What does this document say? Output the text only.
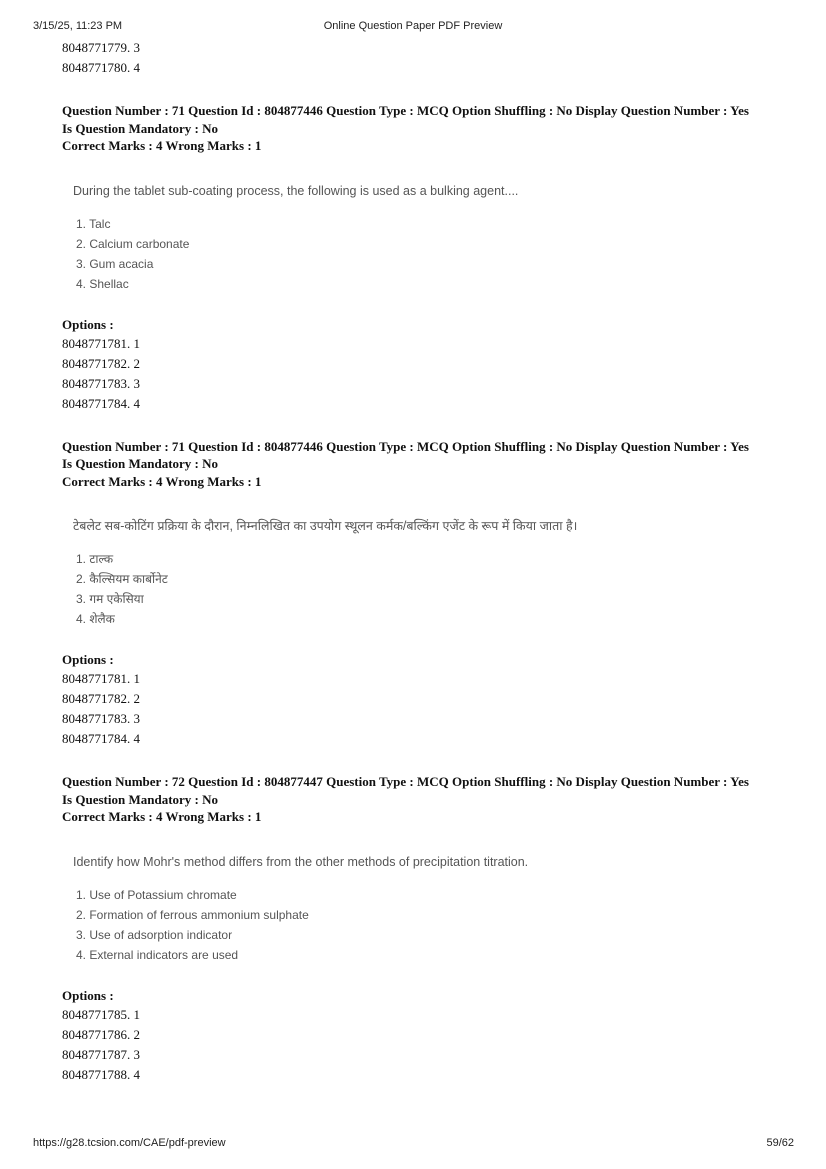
3/15/25, 11:23 PM	Online Question Paper PDF Preview
8048771779. 3
8048771780. 4
Question Number : 71 Question Id : 804877446 Question Type : MCQ Option Shuffling : No Display Question Number : Yes
Is Question Mandatory : No
Correct Marks : 4 Wrong Marks : 1
During the tablet sub-coating process, the following is used as a bulking agent....
1. Talc
2. Calcium carbonate
3. Gum acacia
4. Shellac
Options :
8048771781. 1
8048771782. 2
8048771783. 3
8048771784. 4
Question Number : 71 Question Id : 804877446 Question Type : MCQ Option Shuffling : No Display Question Number : Yes
Is Question Mandatory : No
Correct Marks : 4 Wrong Marks : 1
टेबलेट सब-कोटिंग प्रक्रिया के दौरान, निम्नलिखित का उपयोग स्थूलन कर्मक/बल्किंग एजेंट के रूप में किया जाता है।
1. टाल्क
2. कैल्सियम कार्बोनेट
3. गम एकेसिया
4. शेलैक
Options :
8048771781. 1
8048771782. 2
8048771783. 3
8048771784. 4
Question Number : 72 Question Id : 804877447 Question Type : MCQ Option Shuffling : No Display Question Number : Yes
Is Question Mandatory : No
Correct Marks : 4 Wrong Marks : 1
Identify how Mohr's method differs from the other methods of precipitation titration.
1. Use of Potassium chromate
2. Formation of ferrous ammonium sulphate
3. Use of adsorption indicator
4. External indicators are used
Options :
8048771785. 1
8048771786. 2
8048771787. 3
8048771788. 4
https://g28.tcsion.com/CAE/pdf-preview	59/62
